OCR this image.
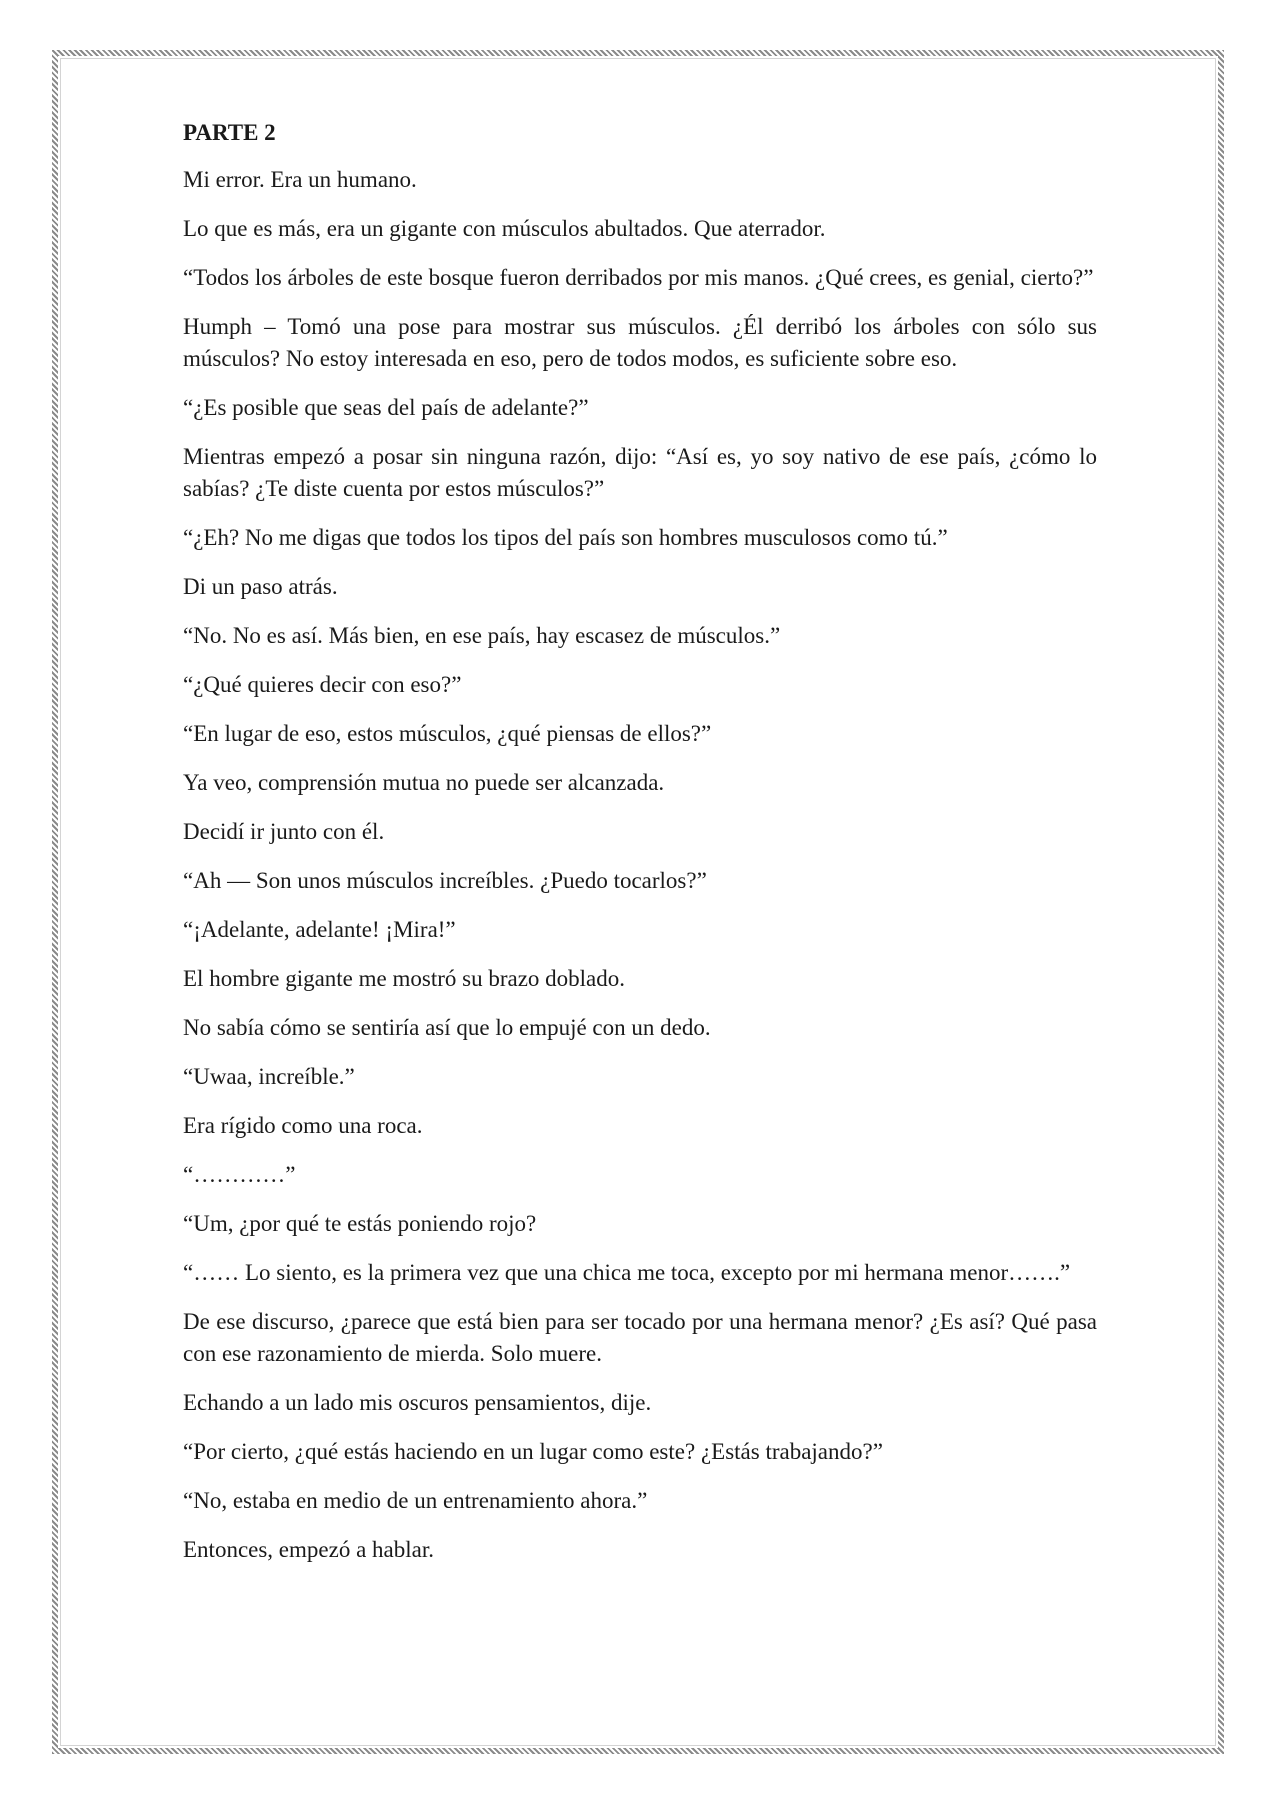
PARTE 2

Mi error. Era un humano.

Lo que es más, era un gigante con músculos abultados. Que aterrador.

“Todos los árboles de este bosque fueron derribados por mis manos. ¿Qué crees, es genial, cierto?”

Humph – Tomó una pose para mostrar sus músculos. ¿Él derribó los árboles con sólo sus músculos? No estoy interesada en eso, pero de todos modos, es suficiente sobre eso.

“¿Es posible que seas del país de adelante?”

Mientras empezó a posar sin ninguna razón, dijo: “Así es, yo soy nativo de ese país, ¿cómo lo sabías? ¿Te diste cuenta por estos músculos?”

“¿Eh? No me digas que todos los tipos del país son hombres musculosos como tú.”

Di un paso atrás.

“No. No es así. Más bien, en ese país, hay escasez de músculos.”

“¿Qué quieres decir con eso?”

“En lugar de eso, estos músculos, ¿qué piensas de ellos?”

Ya veo, comprensión mutua no puede ser alcanzada.

Decidí ir junto con él.

“Ah — Son unos músculos increíbles. ¿Puedo tocarlos?”

“¡Adelante, adelante! ¡Mira!”

El hombre gigante me mostró su brazo doblado.

No sabía cómo se sentiría así que lo empujé con un dedo.

“Uwaa, increíble.”

Era rígido como una roca.

“…………”

“Um, ¿por qué te estás poniendo rojo?

“…… Lo siento, es la primera vez que una chica me toca, excepto por mi hermana menor…….”

De ese discurso, ¿parece que está bien para ser tocado por una hermana menor? ¿Es así? Qué pasa con ese razonamiento de mierda. Solo muere.

Echando a un lado mis oscuros pensamientos, dije.

“Por cierto, ¿qué estás haciendo en un lugar como este? ¿Estás trabajando?”

“No, estaba en medio de un entrenamiento ahora.”

Entonces, empezó a hablar.
